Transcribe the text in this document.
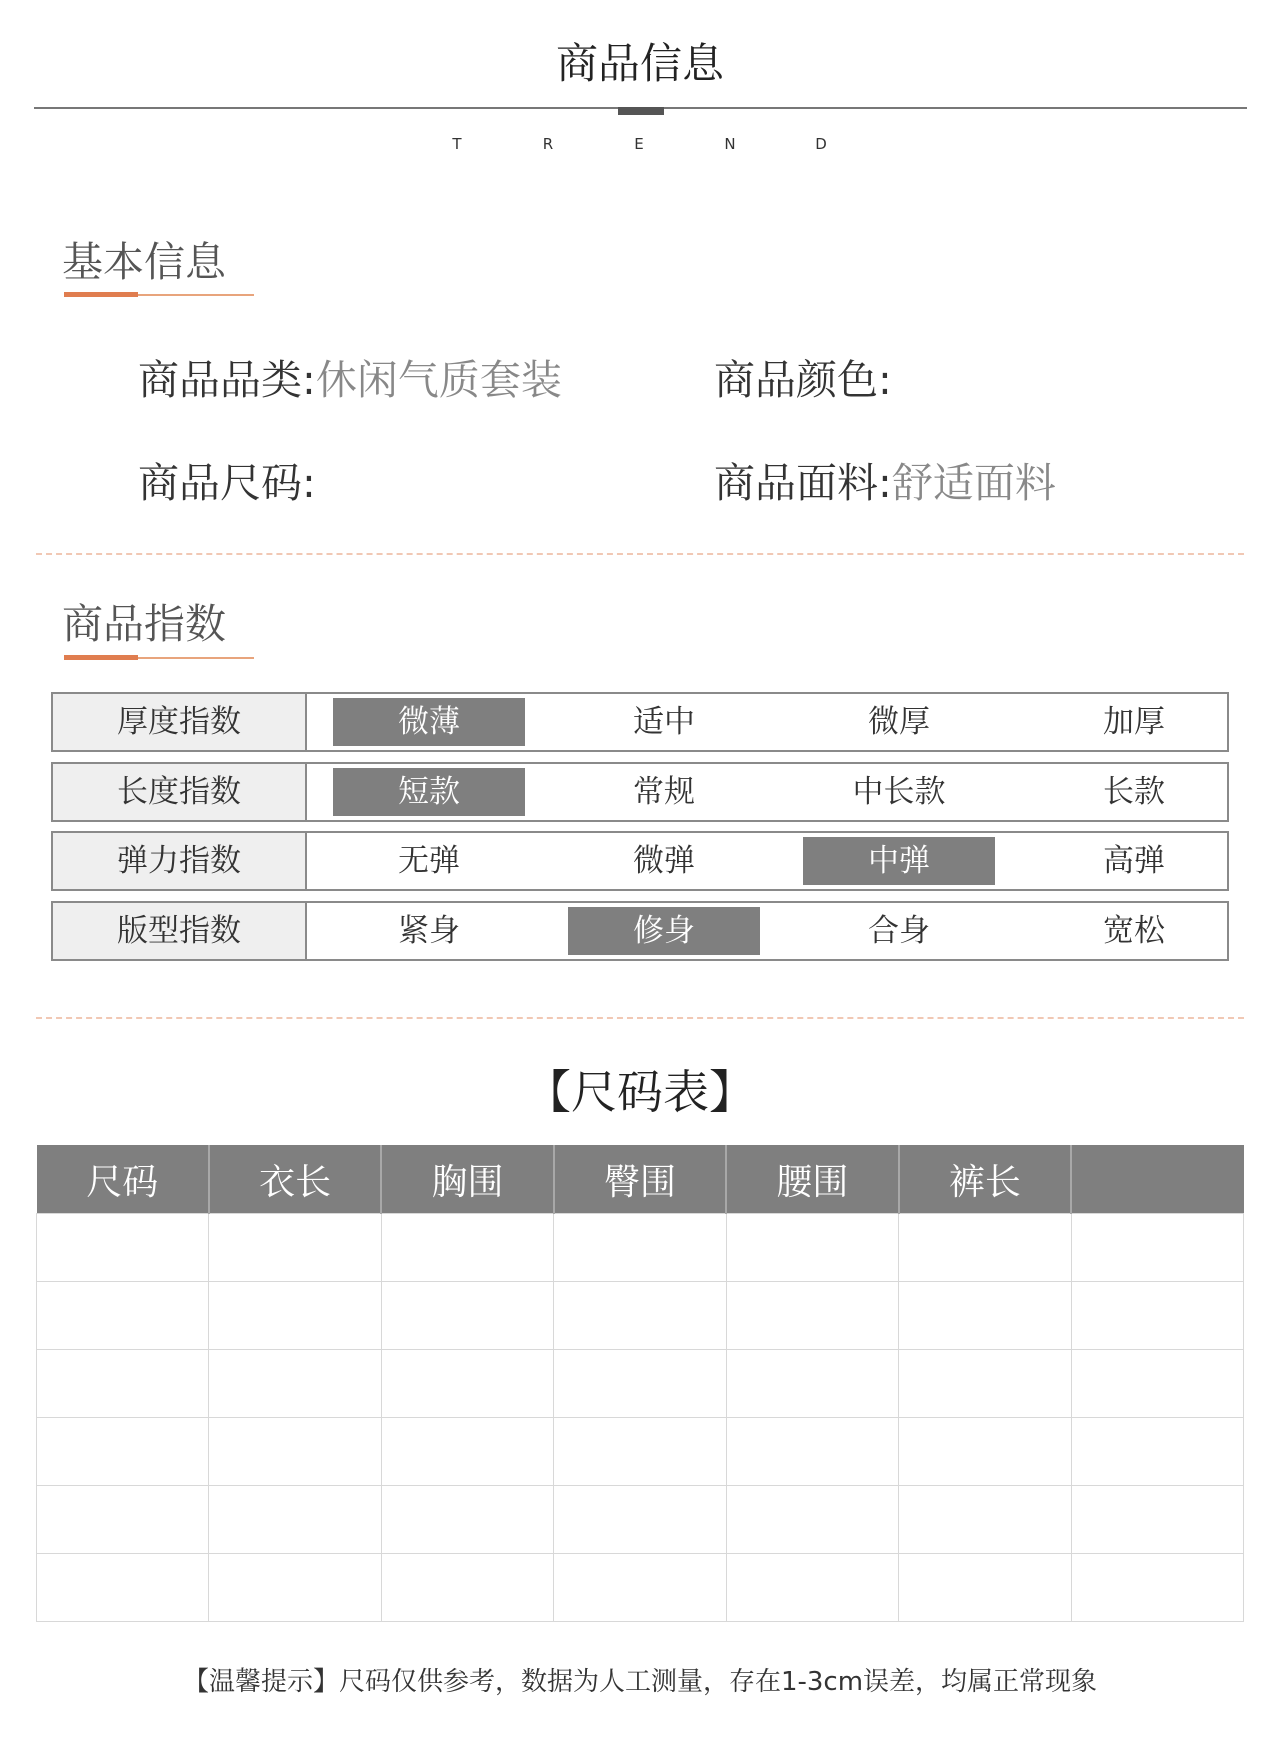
商品信息
T	R	E	N	D
基本信息
商品品类:休闲气质套装	商品颜色:
商品尺码:	商品面料:舒适面料
商品指数
厚度指数	微薄	适中	微厚	加厚
长度指数	短款	常规	中长款	长款
弹力指数	无弹	微弹	中弹	高弹
版型指数	紧身	修身	合身	宽松
【尺码表】
尺码	衣长	胸围	臀围	腰围	裤长	

【温馨提示】尺码仅供参考，数据为人工测量，存在1-3cm误差，均属正常现象
